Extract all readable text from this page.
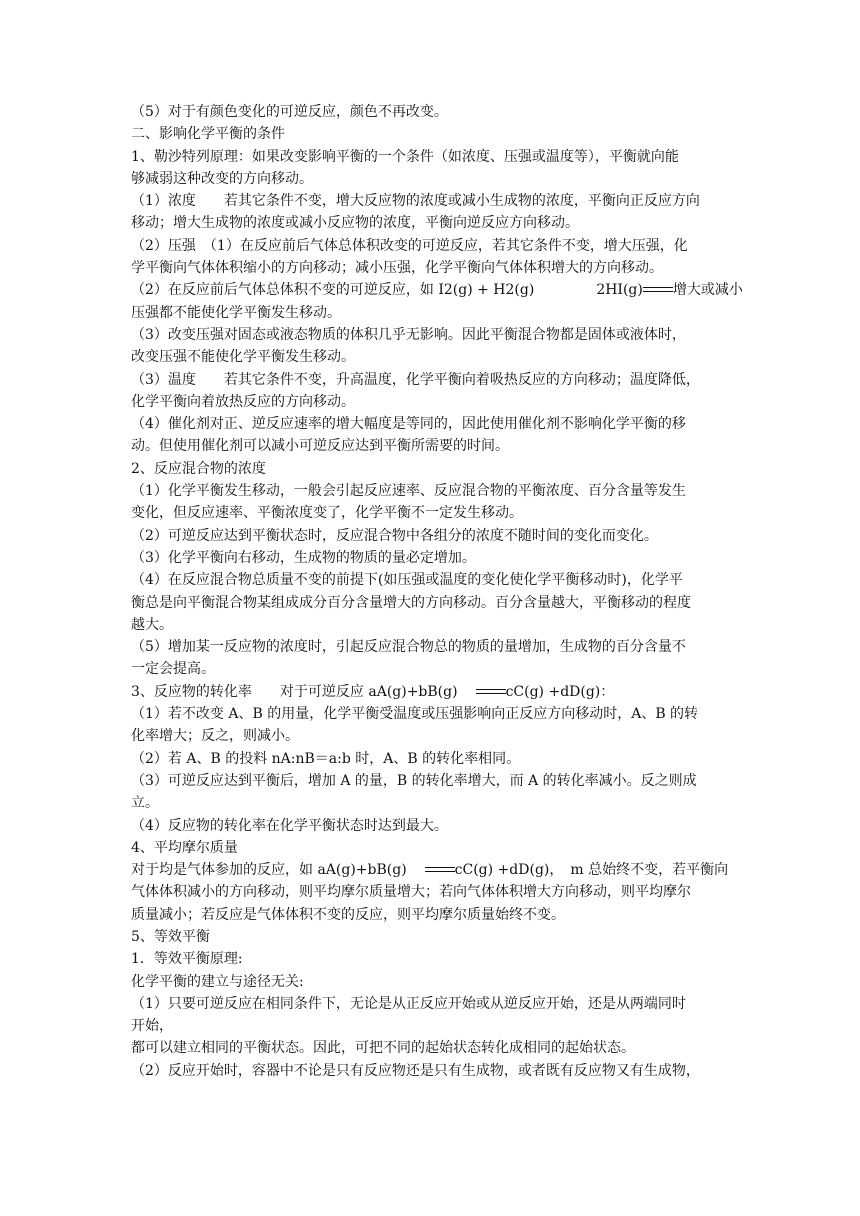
（5）对于有颜色变化的可逆反应，颜色不再改变。
二、影响化学平衡的条件
1、勒沙特列原理：如果改变影响平衡的一个条件（如浓度、压强或温度等），平衡就向能
够减弱这种改变的方向移动。
（1）浓度　　若其它条件不变，增大反应物的浓度或减小生成物的浓度，平衡向正反应方向
移动；增大生成物的浓度或减小反应物的浓度，平衡向逆反应方向移动。
（2）压强　（1）在反应前后气体总体积改变的可逆反应，若其它条件不变，增大压强，化
学平衡向气体体积缩小的方向移动；减小压强，化学平衡向气体体积增大的方向移动。
（2）在反应前后气体总体积不变的可逆反应，如 I2(g) + H2(g)	2HI(g) 增大或减小
压强都不能使化学平衡发生移动。
（3）改变压强对固态或液态物质的体积几乎无影响。因此平衡混合物都是固体或液体时，
改变压强不能使化学平衡发生移动。
（3）温度　　若其它条件不变，升高温度，化学平衡向着吸热反应的方向移动；温度降低，
化学平衡向着放热反应的方向移动。
（4）催化剂对正、逆反应速率的增大幅度是等同的，因此使用催化剂不影响化学平衡的移
动。但使用催化剂可以减小可逆反应达到平衡所需要的时间。
2、反应混合物的浓度
（1）化学平衡发生移动，一般会引起反应速率、反应混合物的平衡浓度、百分含量等发生
变化，但反应速率、平衡浓度变了，化学平衡不一定发生移动。
（2）可逆反应达到平衡状态时，反应混合物中各组分的浓度不随时间的变化而变化。
（3）化学平衡向右移动，生成物的物质的量必定增加。
（4）在反应混合物总质量不变的前提下(如压强或温度的变化使化学平衡移动时)，化学平
衡总是向平衡混合物某组成成分百分含量增大的方向移动。百分含量越大，平衡移动的程度
越大。
（5）增加某一反应物的浓度时，引起反应混合物总的物质的量增加，生成物的百分含量不
一定会提高。
3、反应物的转化率　　对于可逆反应 aA(g)+bB(g)	cC(g) +dD(g)：
（1）若不改变 A、B 的用量，化学平衡受温度或压强影响向正反应方向移动时，A、B 的转
化率增大；反之，则减小。
（2）若 A、B 的投料 nA:nB＝a:b 时，A、B 的转化率相同。
（3）可逆反应达到平衡后，增加 A 的量，B 的转化率增大，而 A 的转化率减小。反之则成
立。
（4）反应物的转化率在化学平衡状态时达到最大。
4、平均摩尔质量
对于均是气体参加的反应，如 aA(g)+bB(g)	cC(g) +dD(g)，　 m 总始终不变，若平衡向
气体体积减小的方向移动，则平均摩尔质量增大；若向气体体积增大方向移动，则平均摩尔
质量减小；若反应是气体体积不变的反应，则平均摩尔质量始终不变。
5、等效平衡
1．等效平衡原理:
化学平衡的建立与途径无关:
（1）只要可逆反应在相同条件下，无论是从正反应开始或从逆反应开始，还是从两端同时
开始，
都可以建立相同的平衡状态。因此，可把不同的起始状态转化成相同的起始状态。
（2）反应开始时，容器中不论是只有反应物还是只有生成物，或者既有反应物又有生成物，
